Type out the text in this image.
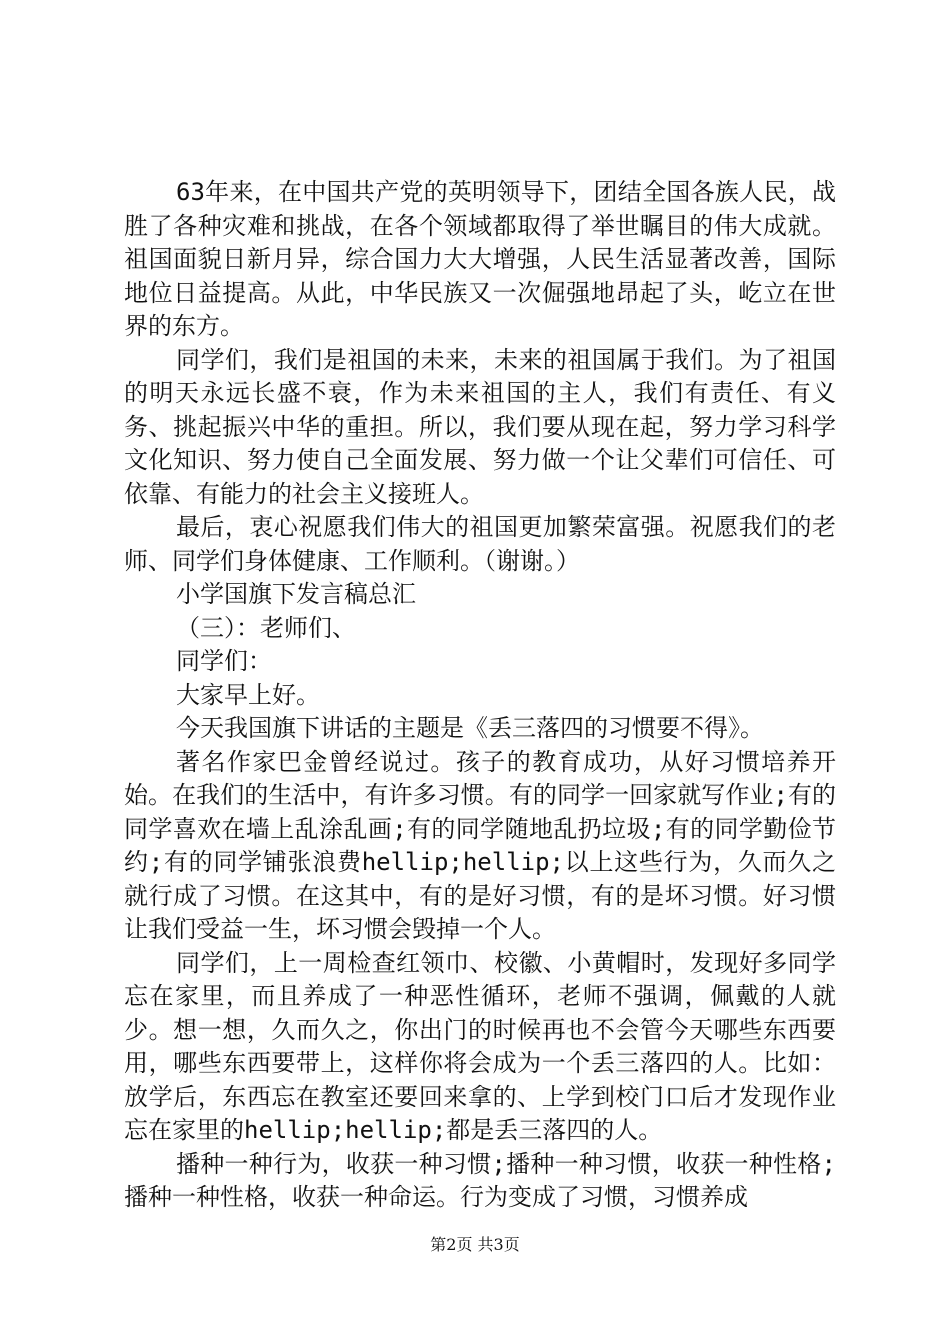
63年来，在中国共产党的英明领导下，团结全国各族人民，战胜了各种灾难和挑战，在各个领域都取得了举世瞩目的伟大成就。祖国面貌日新月异，综合国力大大增强，人民生活显著改善，国际地位日益提高。从此，中华民族又一次倔强地昂起了头，屹立在世界的东方。

同学们，我们是祖国的未来，未来的祖国属于我们。为了祖国的明天永远长盛不衰，作为未来祖国的主人，我们有责任、有义务、挑起振兴中华的重担。所以，我们要从现在起，努力学习科学文化知识、努力使自己全面发展、努力做一个让父辈们可信任、可依靠、有能力的社会主义接班人。

最后，衷心祝愿我们伟大的祖国更加繁荣富强。祝愿我们的老师、同学们身体健康、工作顺利。（谢谢。）

小学国旗下发言稿总汇

（三）：老师们、

同学们：

大家早上好。

今天我国旗下讲话的主题是《丢三落四的习惯要不得》。

著名作家巴金曾经说过。孩子的教育成功，从好习惯培养开始。在我们的生活中，有许多习惯。有的同学一回家就写作业;有的同学喜欢在墙上乱涂乱画;有的同学随地乱扔垃圾;有的同学勤俭节约;有的同学铺张浪费hellip;hellip;以上这些行为，久而久之就行成了习惯。在这其中，有的是好习惯，有的是坏习惯。好习惯让我们受益一生，坏习惯会毁掉一个人。

同学们，上一周检查红领巾、校徽、小黄帽时，发现好多同学忘在家里，而且养成了一种恶性循环，老师不强调，佩戴的人就少。想一想，久而久之，你出门的时候再也不会管今天哪些东西要用，哪些东西要带上，这样你将会成为一个丢三落四的人。比如：放学后，东西忘在教室还要回来拿的、上学到校门口后才发现作业忘在家里的hellip;hellip;都是丢三落四的人。

播种一种行为，收获一种习惯;播种一种习惯，收获一种性格;播种一种性格，收获一种命运。行为变成了习惯，习惯养成

第2页 共3页
